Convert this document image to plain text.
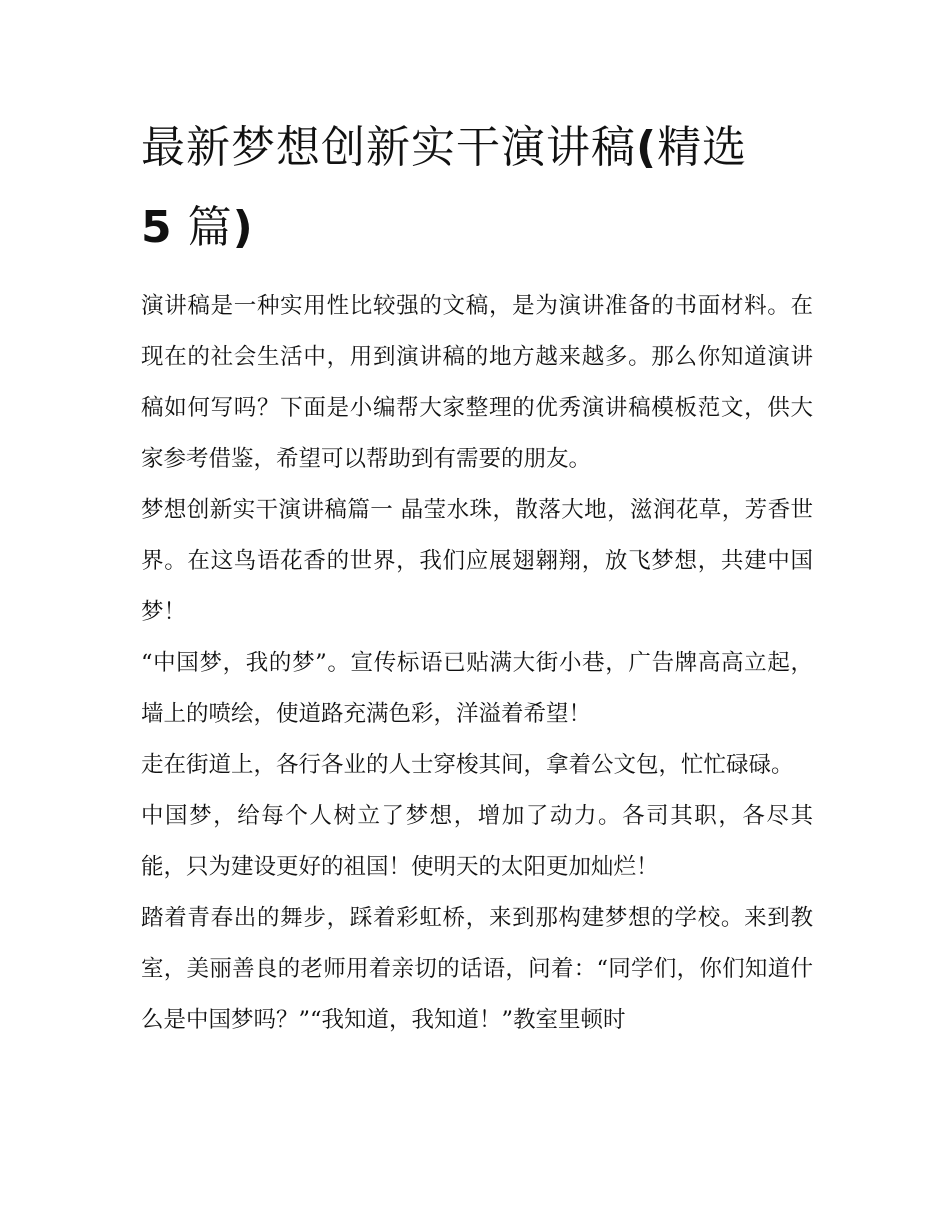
最新梦想创新实干演讲稿(精选
5 篇)

演讲稿是一种实用性比较强的文稿，是为演讲准备的书面材料。在现在的社会生活中，用到演讲稿的地方越来越多。那么你知道演讲稿如何写吗？下面是小编帮大家整理的优秀演讲稿模板范文，供大家参考借鉴，希望可以帮助到有需要的朋友。

梦想创新实干演讲稿篇一 晶莹水珠，散落大地，滋润花草，芳香世界。在这鸟语花香的世界，我们应展翅翱翔，放飞梦想，共建中国梦！

“中国梦，我的梦”。宣传标语已贴满大街小巷，广告牌高高立起，墙上的喷绘，使道路充满色彩，洋溢着希望！

走在街道上，各行各业的人士穿梭其间，拿着公文包，忙忙碌碌。

中国梦，给每个人树立了梦想，增加了动力。各司其职，各尽其能，只为建设更好的祖国！使明天的太阳更加灿烂！

踏着青春出的舞步，踩着彩虹桥，来到那构建梦想的学校。来到教室，美丽善良的老师用着亲切的话语，问着：“同学们，你们知道什么是中国梦吗？”“我知道，我知道！”教室里顿时
